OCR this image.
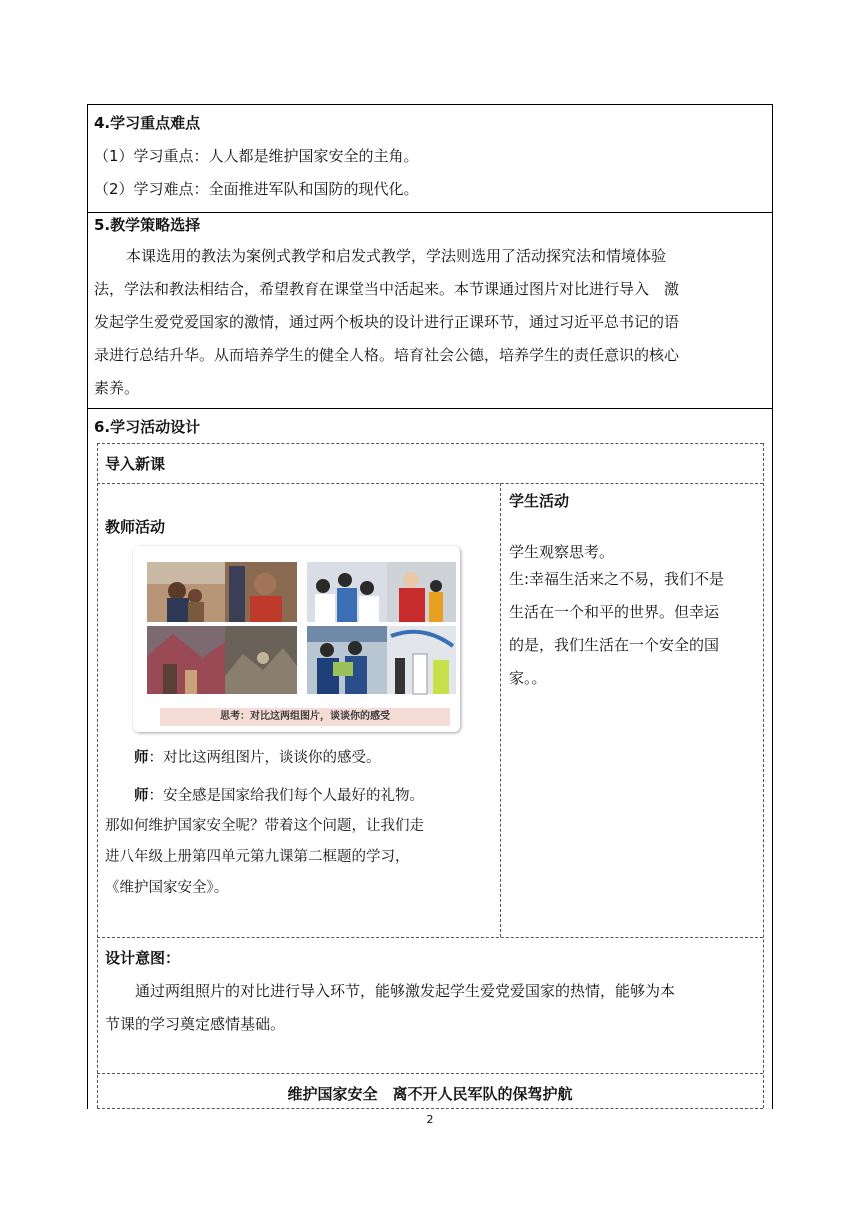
4.学习重点难点
（1）学习重点：人人都是维护国家安全的主角。
（2）学习难点：全面推进军队和国防的现代化。
5.教学策略选择
本课选用的教法为案例式教学和启发式教学，学法则选用了活动探究法和情境体验
法，学法和教法相结合，希望教育在课堂当中活起来。本节课通过图片对比进行导入　激
发起学生爱党爱国家的激情，通过两个板块的设计进行正课环节，通过习近平总书记的语
录进行总结升华。从而培养学生的健全人格。培育社会公德，培养学生的责任意识的核心
素养。
6.学习活动设计
导入新课
教师活动
学生活动
思考：对比这两组图片，谈谈你的感受
师：对比这两组图片，谈谈你的感受。
师：安全感是国家给我们每个人最好的礼物。
那如何维护国家安全呢？带着这个问题，让我们走
进八年级上册第四单元第九课第二框题的学习，
《维护国家安全》。
学生观察思考。
生:幸福生活来之不易，我们不是
生活在一个和平的世界。但幸运
的是，我们生活在一个安全的国
家。。
设计意图：
通过两组照片的对比进行导入环节，能够激发起学生爱党爱国家的热情，能够为本
节课的学习奠定感情基础。
维护国家安全　离不开人民军队的保驾护航
2
